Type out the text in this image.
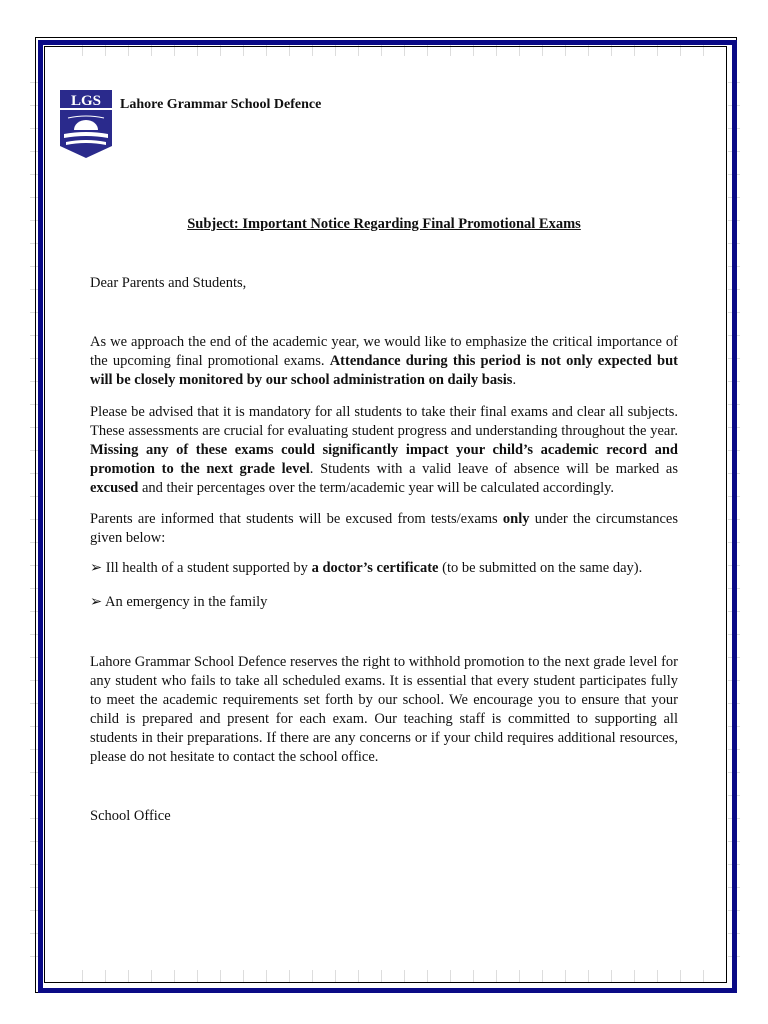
LGS Lahore Grammar School Defence
Subject: Important Notice Regarding Final Promotional Exams

Dear Parents and Students,

As we approach the end of the academic year, we would like to emphasize the critical importance of the upcoming final promotional exams. Attendance during this period is not only expected but will be closely monitored by our school administration on daily basis.

Please be advised that it is mandatory for all students to take their final exams and clear all subjects. These assessments are crucial for evaluating student progress and understanding throughout the year. Missing any of these exams could significantly impact your child’s academic record and promotion to the next grade level. Students with a valid leave of absence will be marked as excused and their percentages over the term/academic year will be calculated accordingly.

Parents are informed that students will be excused from tests/exams only under the circumstances given below:

➢ Ill health of a student supported by a doctor’s certificate (to be submitted on the same day).

➢ An emergency in the family

Lahore Grammar School Defence reserves the right to withhold promotion to the next grade level for any student who fails to take all scheduled exams. It is essential that every student participates fully to meet the academic requirements set forth by our school. We encourage you to ensure that your child is prepared and present for each exam. Our teaching staff is committed to supporting all students in their preparations. If there are any concerns or if your child requires additional resources, please do not hesitate to contact the school office.

School Office
